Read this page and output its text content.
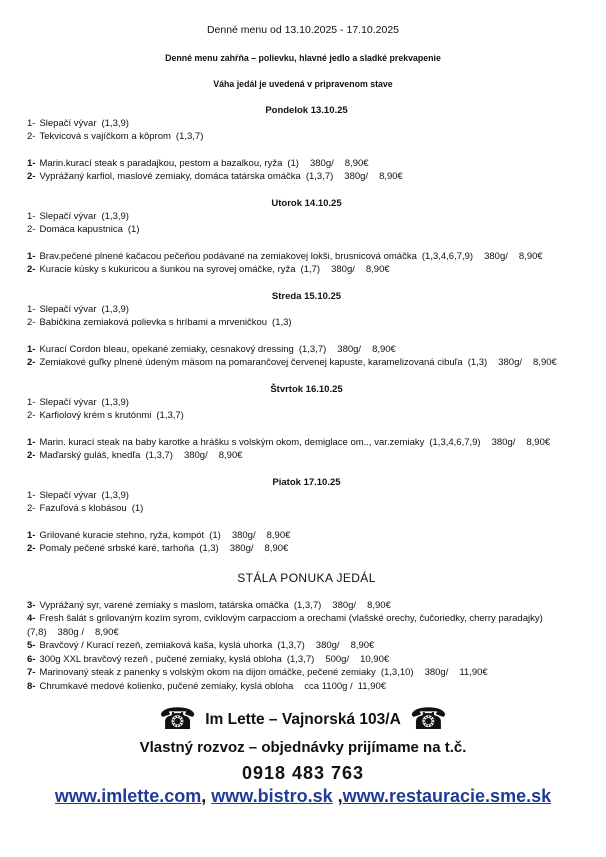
Denné menu od 13.10.2025 - 17.10.2025
Denné menu zahŕňa – polievku, hlavné jedlo a sladké prekvapenie
Váha jedál je uvedená v pripravenom stave
Pondelok 13.10.25
1- Slepačí vývar (1,3,9)
2- Tekvicová s vajíčkom a kôprom (1,3,7)
1- Marin.kurací steak s paradajkou, pestom a bazalkou, ryža (1) 380g/ 8,90€
2- Vyprážaný karfiol, maslové zemiaky, domáca tatárska omáčka (1,3,7) 380g/ 8,90€
Utorok 14.10.25
1- Slepačí vývar (1,3,9)
2- Domáca kapustnica (1)
1- Brav.pečené plnené kačacou pečeňou podávané na zemiakovej lokši, brusnicová omáčka (1,3,4,6,7,9) 380g/ 8,90€
2- Kuracie kúsky s kukuricou a šunkou na syrovej omáčke, ryža (1,7) 380g/ 8,90€
Streda 15.10.25
1- Slepačí vývar (1,3,9)
2- Babičkina zemiaková polievka s hríbami a mrveničkou (1,3)
1- Kurací Cordon bleau, opekané zemiaky, cesnakový dressing (1,3,7) 380g/ 8,90€
2- Zemiakové guľky plnené údeným mäsom na pomarančovej červenej kapuste, karamelizovaná cibuľa (1,3) 380g/ 8,90€
Štvrtok 16.10.25
1- Slepačí vývar (1,3,9)
2- Karfiolový krém s krutónmi (1,3,7)
1- Marin. kurací steak na baby karotke a hrášku s volským okom, demiglace om.., var.zemiaky (1,3,4,6,7,9) 380g/ 8,90€
2- Maďarský guláš, knedľa (1,3,7) 380g/ 8,90€
Piatok 17.10.25
1- Slepačí vývar (1,3,9)
2- Fazuľová s klobásou (1)
1- Grilované kuracie stehno, ryža, kompót (1) 380g/ 8,90€
2- Pomaly pečené srbské karé, tarhoňa (1,3) 380g/ 8,90€
STÁLA PONUKA JEDÁL
3- Vyprážaný syr, varené zemiaky s maslom, tatárska omáčka (1,3,7) 380g/ 8,90€
4- Fresh šalát s grilovaným kozím syrom, cviklovým carpacciom a orechami (vlašské orechy, čučoriedky, cherry paradajky)
(7,8) 380g / 8,90€
5- Bravčový / Kurací rezeň, zemiaková kaša, kyslá uhorka (1,3,7) 380g/ 8,90€
6- 300g XXL bravčový rezeň , pučené zemiaky, kyslá obloha (1,3,7) 500g/ 10,90€
7- Marinovaný steak z panenky s volským okom na dijon omáčke, pečené zemiaky (1,3,10) 380g/ 11,90€
8- Chrumkavé medové kolienko, pučené zemiaky, kyslá obloha cca 1100g / 11,90€
☎ Im Lette – Vajnorská 103/A ☎
Vlastný rozvoz – objednávky prijímame na t.č.
0918 483 763
www.imlette.com, www.bistro.sk ,www.restauracie.sme.sk
